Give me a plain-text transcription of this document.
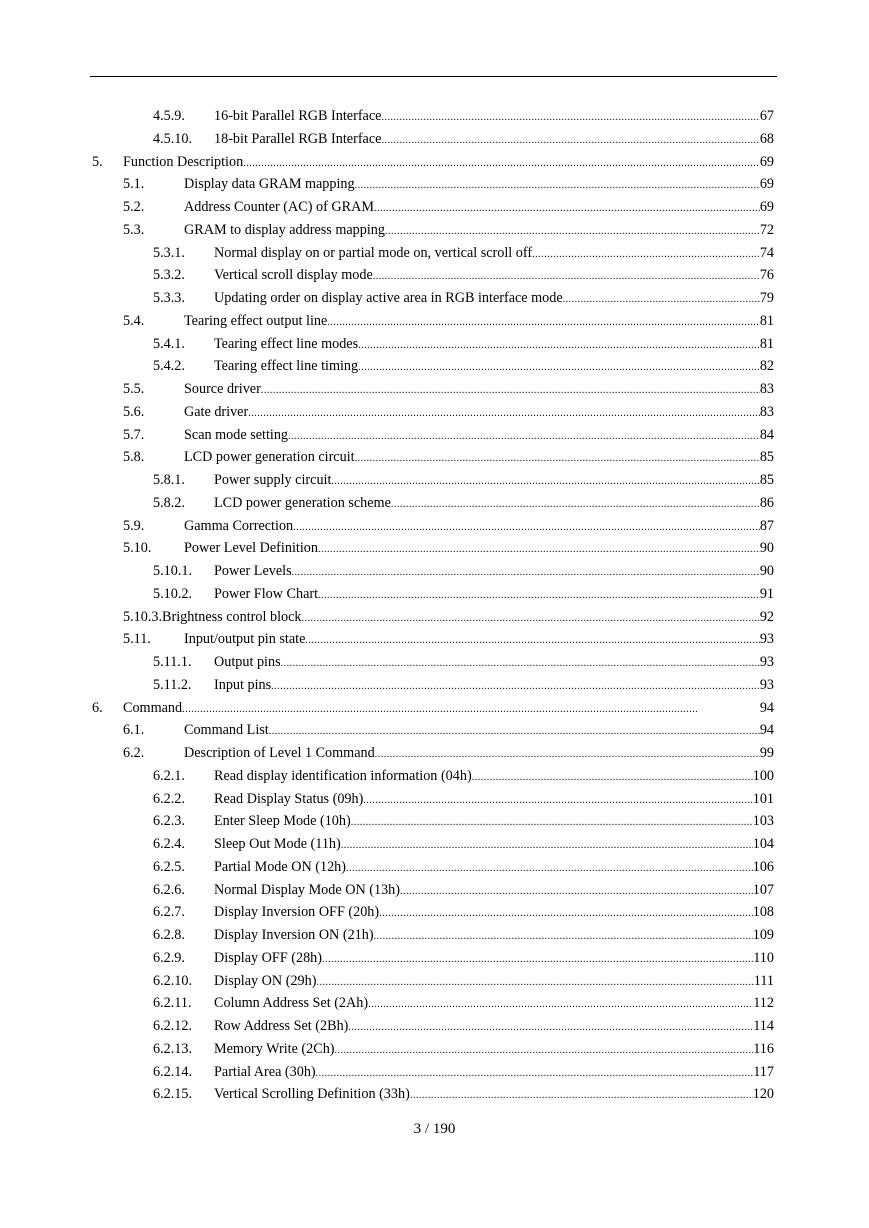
4.5.9. 16-bit Parallel RGB Interface . . .	67
4.5.10. 18-bit Parallel RGB Interface . . .	68
5. Function Description . . .	69
5.1.	Display data GRAM mapping . . .	69
5.2.	Address Counter (AC) of GRAM . . .	69
5.3.	GRAM to display address mapping . . .	72
5.3.1. Normal display on or partial mode on, vertical scroll off . . .	74
5.3.2. Vertical scroll display mode . . .	76
5.3.3. Updating order on display active area in RGB interface mode . . .	79
5.4.	Tearing effect output line . . .	81
5.4.1. Tearing effect line modes . . .	81
5.4.2. Tearing effect line timing . . .	82
5.5.	Source driver . . .	83
5.6.	Gate driver . . .	83
5.7.	Scan mode setting . . .	84
5.8.	LCD power generation circuit . . .	85
5.8.1. Power supply circuit . . .	85
5.8.2. LCD power generation scheme . . .	86
5.9.	Gamma Correction . . .	87
5.10. Power Level Definition . . .	90
5.10.1. Power Levels . . .	90
5.10.2. Power Flow Chart . . .	91
5.10.3.Brightness control block . . .	92
5.11. Input/output pin state . . .	93
5.11.1. Output pins . . .	93
5.11.2. Input pins . . .	93
6. Command . . .	94
6.1.	Command List . . .	94
6.2.	Description of Level 1 Command . . .	99
6.2.1. Read display identification information (04h) . . .	100
6.2.2. Read Display Status (09h) . . .	101
6.2.3. Enter Sleep Mode (10h) . . .	103
6.2.4. Sleep Out Mode (11h) . . .	104
6.2.5. Partial Mode ON (12h) . . .	106
6.2.6. Normal Display Mode ON (13h) . . .	107
6.2.7. Display Inversion OFF (20h) . . .	108
6.2.8. Display Inversion ON (21h) . . .	109
6.2.9. Display OFF (28h) . . .	110
6.2.10. Display ON (29h) . . .	111
6.2.11. Column Address Set (2Ah) . . .	112
6.2.12. Row Address Set (2Bh) . . .	114
6.2.13. Memory Write (2Ch) . . .	116
6.2.14. Partial Area (30h) . . .	117
6.2.15. Vertical Scrolling Definition (33h) . . .	120
3 / 190
